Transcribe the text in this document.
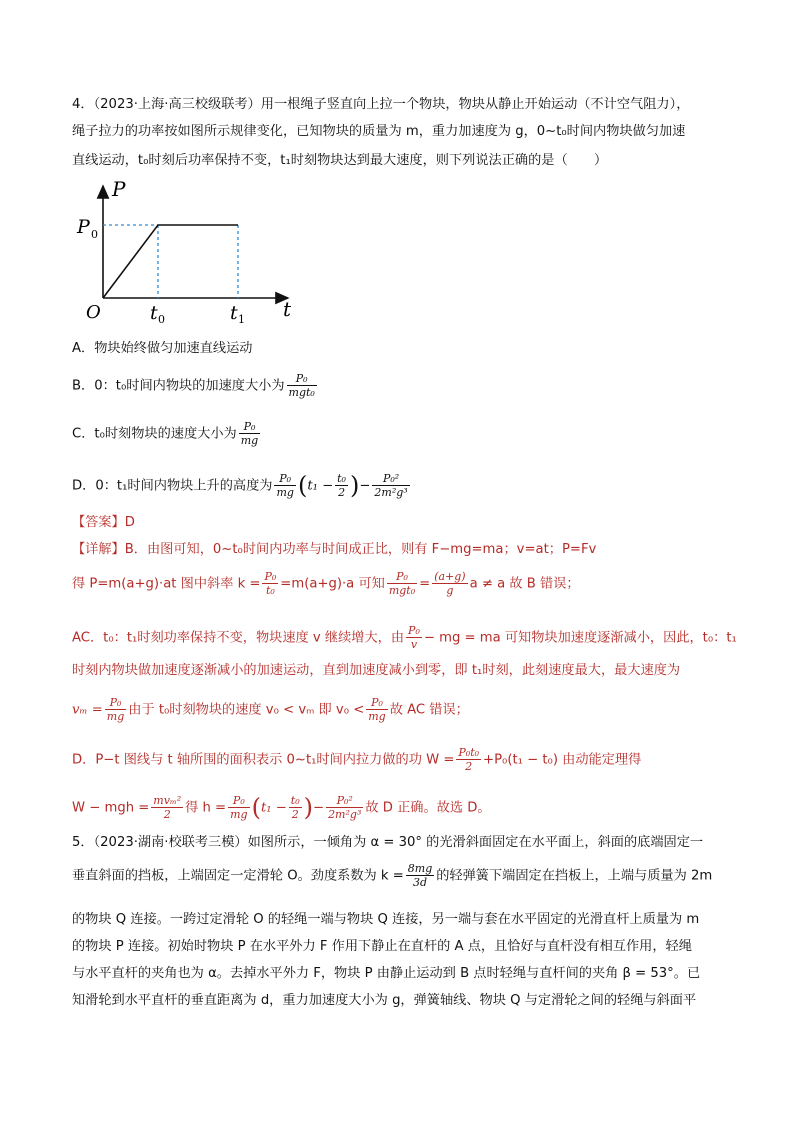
4．（2023·上海·高三校级联考）用一根绳子竖直向上拉一个物块，物块从静止开始运动（不计空气阻力），
绳子拉力的功率按如图所示规律变化，已知物块的质量为 m，重力加速度为 g，0~t₀时间内物块做匀加速
直线运动，t₀时刻后功率保持不变，t₁时刻物块达到最大速度，则下列说法正确的是（　　）
P
t
O
P 0
t 0	t 1
A．物块始终做匀加速直线运动
B．0：t₀时间内物块的加速度大小为 $\frac{\text{P₀}}{\text{mgt₀}}$
C．t₀时刻物块的速度大小为 $\frac{\text{P₀}}{mg}$
D．0：t₁时间内物块上升的高度为 $\frac{\text{P₀}}{mg} (t_1 - \frac{\text{t₀}}{2}$ )− $\frac{\text{P₀²}}{\text{2m²g³}}$
【答案】D
【详解】B．由图可知，0~t₀时间内功率与时间成正比，则有 F−mg=ma；v=at；P=Fv
得 P=m(a+g)·at 图中斜率 $k = \frac{\text{P₀}}{\text{t₀}} =m(a+g)\cdot a$ 可知 $\frac{\text{P₀}}{\text{mgt₀}} = \frac{(a+g)}{g}$ a ≠ a 故 B 错误；
AC．t₀：t₁时刻功率保持不变，物块速度 v 继续增大，由 $\frac{\text{P₀}}{v}$ − mg = ma 可知物块加速度逐渐减小，因此，t₀：t₁
时刻内物块做加速度逐渐减小的加速运动，直到加速度减小到零，即 t₁时刻，此刻速度最大，最大速度为
$v_m = \frac{\text{P₀}}{mg}$ 由于 t₀时刻物块的速度 v₀ < vₘ 即 $v_0 < \frac{\text{P₀}}{mg}$ 故 AC 错误；
D．P−t 图线与 t 轴所围的面积表示 0~t₁时间内拉力做的功 $W = \frac{\text{P₀t₀}}{2} +P_0(t_1 - t_0)$ 由动能定理得
W − mgh = $\frac{\text{mvₘ²}}{2}$ 得 $h = \frac{\text{P₀}}{mg} (t_1 - \frac{\text{t₀}}{2}$ )− $\frac{\text{P₀²}}{\text{2m²g³}}$ 故 D 正确。故选 D。
5．（2023·湖南·校联考三模）如图所示，一倾角为 α = 30° 的光滑斜面固定在水平面上，斜面的底端固定一
垂直斜面的挡板，上端固定一定滑轮 O。劲度系数为 $k = \frac{8mg}{3d}$ 的轻弹簧下端固定在挡板上，上端与质量为 2m
的物块 Q 连接。一跨过定滑轮 O 的轻绳一端与物块 Q 连接，另一端与套在水平固定的光滑直杆上质量为 m
的物块 P 连接。初始时物块 P 在水平外力 F 作用下静止在直杆的 A 点，且恰好与直杆没有相互作用，轻绳
与水平直杆的夹角也为 α。去掉水平外力 F，物块 P 由静止运动到 B 点时轻绳与直杆间的夹角 β = 53°。已
知滑轮到水平直杆的垂直距离为 d，重力加速度大小为 g，弹簧轴线、物块 Q 与定滑轮之间的轻绳与斜面平
